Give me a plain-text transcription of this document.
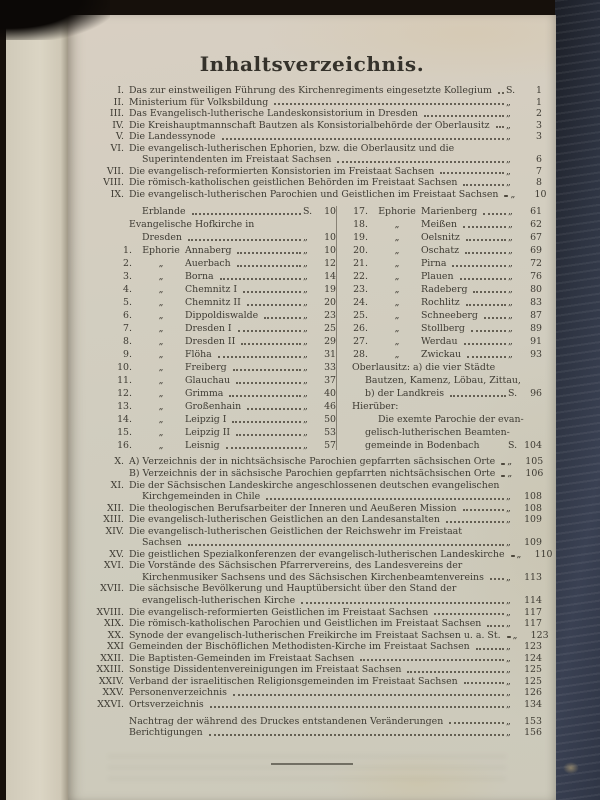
Inhaltsverzeichnis.
I. Das zur einstweiligen Führung des Kirchenregiments eingesetzte Kollegium S. 1
II. Ministerium für Volksbildung	„	1
III. Das Evangelisch-lutherische Landeskonsistorium in Dresden	„	2
IV. Die Kreishauptmannschaft Bautzen als Konsistorialbehörde der Oberlausitz „	3
V. Die Landessynode	„	3
VI. Die evangelisch-lutherischen Ephorien, bzw. die Oberlausitz und die
Superintendenten im Freistaat Sachsen	„	6
VII. Die evangelisch-reformierten Konsistorien im Freistaat Sachsen	„	7
VIII. Die römisch-katholischen geistlichen Behörden im Freistaat Sachsen	„	8
IX. Die evangelisch-lutherischen Parochien und Geistlichen im Freistaat Sachsen „ 10
Erblande	S. 10
Evangelische Hofkirche in
Dresden	„ 10
1.	Ephorie Annaberg	„ 10
2.	„	Auerbach	„ 12
3.	„	Borna	„ 14
4.	„	Chemnitz I	„ 19
5.	„	Chemnitz II	„ 20
6.	„	Dippoldiswalde	„ 23
7.	„	Dresden I	„ 25
8.	„	Dresden II	„ 29
9.	„	Flöha	„ 31
10.	„	Freiberg	„ 33
11.	„	Glauchau	„ 37
12.	„	Grimma	„ 40
13.	„	Großenhain	„ 46
14.	„	Leipzig I	„ 50
15.	„	Leipzig II	„ 53
16.	„	Leisnig	„ 57
17.	Ephorie Marienberg	„ 61
18.	„	Meißen	„ 62
19.	„	Oelsnitz	„ 67
20.	„	Oschatz	„ 69
21.	„	Pirna	„ 72
22.	„	Plauen	„ 76
23.	„	Radeberg	„ 80
24.	„	Rochlitz	„ 83
25.	„	Schneeberg	„ 87
26.	„	Stollberg	„ 89
27.	„	Werdau	„ 91
28.	„	Zwickau	„ 93
Oberlausitz: a) die vier Städte
Bautzen, Kamenz, Löbau, Zittau,
b) der Landkreis	S. 96
Hierüber:
Die exemte Parochie der evan-
gelisch-lutherischen Beamten-
gemeinde in Bodenbach	S. 104
X. A) Verzeichnis der in nichtsächsische Parochien gepfarrten sächsischen Orte „ 105
B) Verzeichnis der in sächsische Parochien gepfarrten nichtsächsischen Orte „ 106
XI. Die der Sächsischen Landeskirche angeschlossenen deutschen evangelischen
Kirchgemeinden in Chile	„ 108
XII. Die theologischen Berufsarbeiter der Inneren und Aeußeren Mission	„ 108
XIII. Die evangelisch-lutherischen Geistlichen an den Landesanstalten	„ 109
XIV. Die evangelisch-lutherischen Geistlichen der Reichswehr im Freistaat
Sachsen	„ 109
XV. Die geistlichen Spezialkonferenzen der evangelisch-lutherischen Landeskirche „ 110
XVI. Die Vorstände des Sächsischen Pfarrervereins, des Landesvereins der
Kirchenmusiker Sachsens und des Sächsischen Kirchenbeamtenvereins „ 113
XVII. Die sächsische Bevölkerung und Hauptübersicht über den Stand der
evangelisch-lutherischen Kirche	„ 114
XVIII. Die evangelisch-reformierten Geistlichen im Freistaat Sachsen	„ 117
XIX. Die römisch-katholischen Parochien und Geistlichen im Freistaat Sachsen	„ 117
XX. Synode der evangelisch-lutherischen Freikirche im Freistaat Sachsen u. a. St. „ 123
XXI Gemeinden der Bischöflichen Methodisten-Kirche im Freistaat Sachsen	„ 123
XXII. Die Baptisten-Gemeinden im Freistaat Sachsen	„ 124
XXIII. Sonstige Dissidentenvereinigungen im Freistaat Sachsen	„ 125
XXIV. Verband der israelitischen Religionsgemeinden im Freistaat Sachsen	„ 125
XXV. Personenverzeichnis	„ 126
XXVI. Ortsverzeichnis	„ 134
Nachtrag der während des Druckes entstandenen Veränderungen	„ 153
Berichtigungen	„ 156
